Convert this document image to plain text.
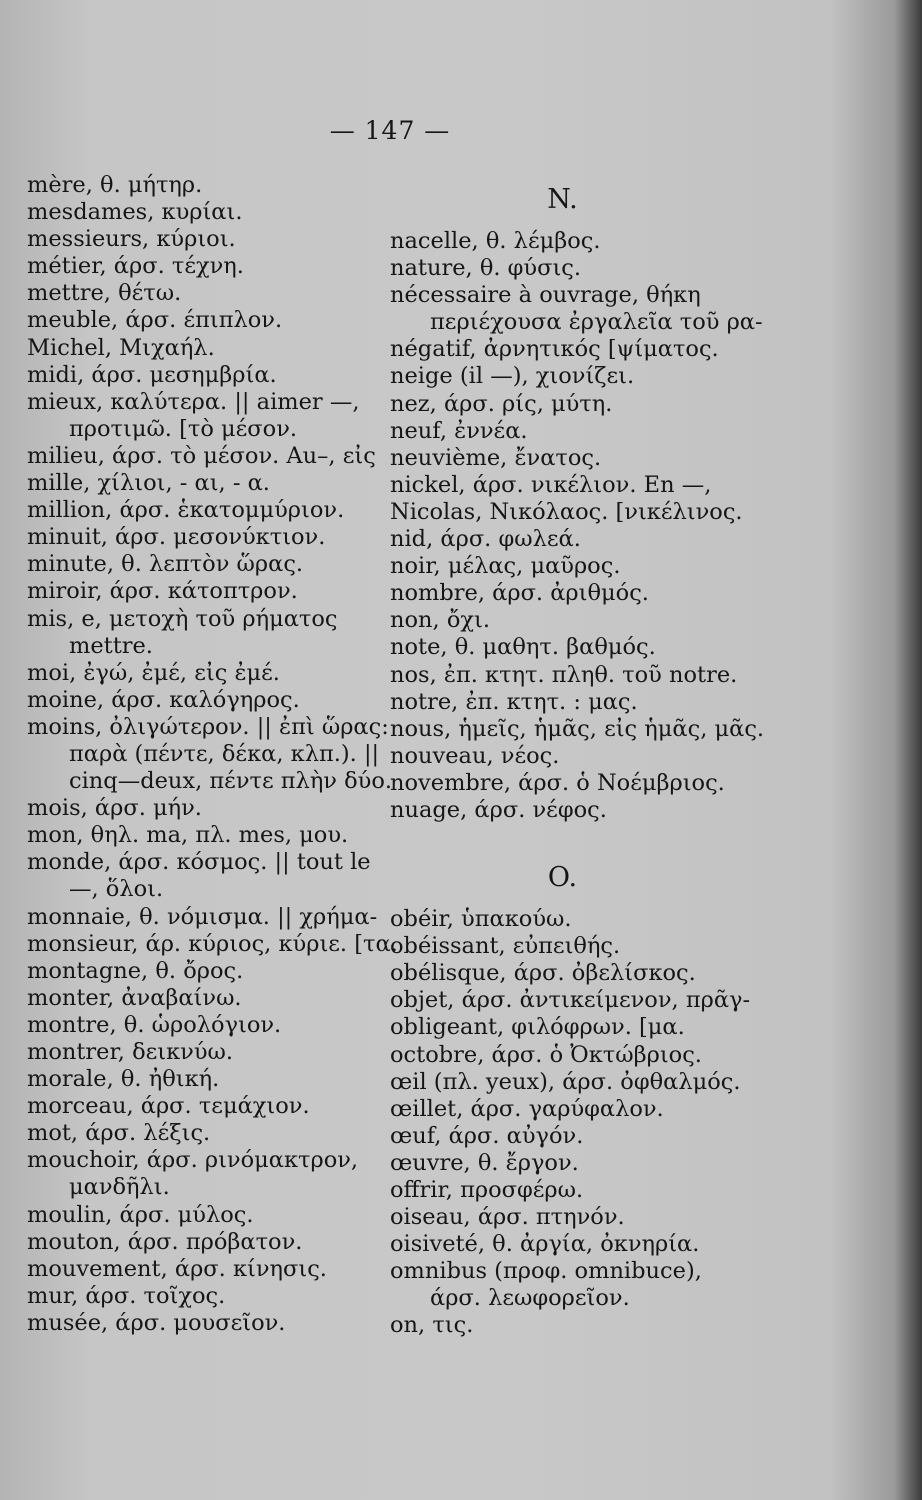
— 147 —
mère, θ. μήτηρ.
mesdames, κυρίαι.
messieurs, κύριοι.
métier, άρσ. τέχνη.
mettre, θέτω.
meuble, άρσ. έπιπλον.
Michel, Μιχαήλ.
midi, άρσ. μεσημβρία.
mieux, καλύτερα. || aimer —,
προτιμῶ. [τὸ μέσον.
milieu, άρσ. τὸ μέσον. Au–, εἰς
mille, χίλιοι, - αι, - α.
million, άρσ. ἑκατομμύριον.
minuit, άρσ. μεσονύκτιον.
minute, θ. λεπτὸν ὥρας.
miroir, άρσ. κάτοπτρον.
mis, e, μετοχὴ τοῦ ρήματος
mettre.
moi, ἐγώ, ἐμέ, εἰς ἐμέ.
moine, άρσ. καλόγηρος.
moins, ὀλιγώτερον. || ἐπὶ ὥρας:
παρὰ (πέντε, δέκα, κλπ.). ||
cinq—deux, πέντε πλὴν δύο.
mois, άρσ. μήν.
mon, θηλ. ma, πλ. mes, μου.
monde, άρσ. κόσμος. || tout le
—, ὅλοι.
monnaie, θ. νόμισμα. || χρήμα-
monsieur, άρ. κύριος, κύριε. [τα.
montagne, θ. ὄρος.
monter, ἀναβαίνω.
montre, θ. ὡρολόγιον.
montrer, δεικνύω.
morale, θ. ἠθική.
morceau, άρσ. τεμάχιον.
mot, άρσ. λέξις.
mouchoir, άρσ. ρινόμακτρον,
μανδῆλι.
moulin, άρσ. μύλος.
mouton, άρσ. πρόβατον.
mouvement, άρσ. κίνησις.
mur, άρσ. τοῖχος.
musée, άρσ. μουσεῖον.
N.
nacelle, θ. λέμβος.
nature, θ. φύσις.
nécessaire à ouvrage, θήκη
περιέχουσα ἐργαλεῖα τοῦ ρα-
négatif, ἀρνητικός [ψίματος.
neige (il —), χιονίζει.
nez, άρσ. ρίς, μύτη.
neuf, ἐννέα.
neuvième, ἔνατος.
nickel, άρσ. νικέλιον. En —,
Nicolas, Νικόλαος. [νικέλινος.
nid, άρσ. φωλεά.
noir, μέλας, μαῦρος.
nombre, άρσ. ἀριθμός.
non, ὄχι.
note, θ. μαθητ. βαθμός.
nos, ἐπ. κτητ. πληθ. τοῦ notre.
notre, ἐπ. κτητ. : μας.
nous, ἡμεῖς, ἡμᾶς, εἰς ἡμᾶς, μᾶς.
nouveau, νέος.
novembre, άρσ. ὁ Νοέμβριος.
nuage, άρσ. νέφος.
O.
obéir, ὑπακούω.
obéissant, εὐπειθής.
obélisque, άρσ. ὀβελίσκος.
objet, άρσ. ἀντικείμενον, πρᾶγ-
obligeant, φιλόφρων. [μα.
octobre, άρσ. ὁ Ὀκτώβριος.
œil (πλ. yeux), άρσ. ὀφθαλμός.
œillet, άρσ. γαρύφαλον.
œuf, άρσ. αὐγόν.
œuvre, θ. ἔργον.
offrir, προσφέρω.
oiseau, άρσ. πτηνόν.
oisiveté, θ. ἀργία, ὀκνηρία.
omnibus (προφ. omnibuce),
άρσ. λεωφορεῖον.
on, τις.
